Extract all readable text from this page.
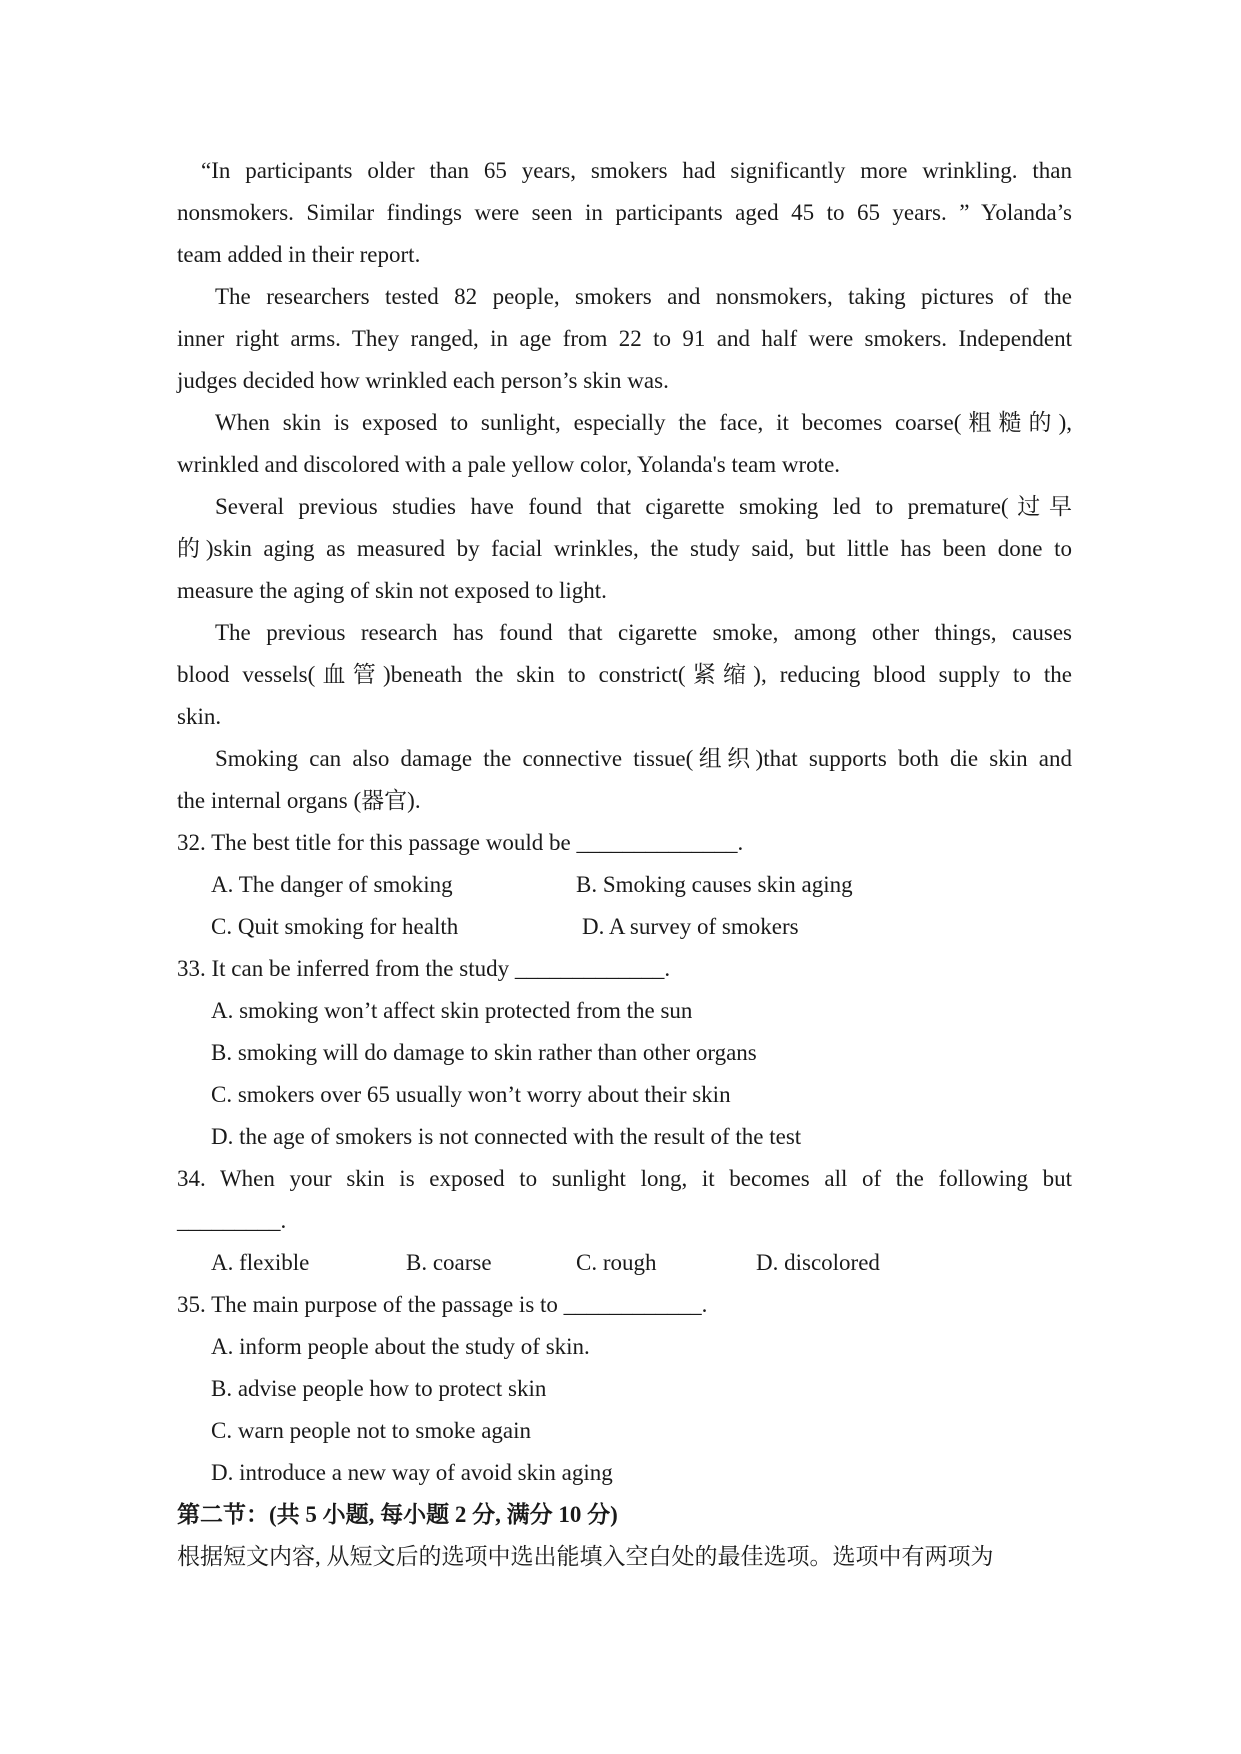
“In participants older than 65 years, smokers had significantly more wrinkling. than
nonsmokers. Similar findings were seen in participants aged 45 to 65 years. ” Yolanda’s
team added in their report.
The researchers tested 82 people, smokers and nonsmokers, taking pictures of the
inner right arms. They ranged, in age from 22 to 91 and half were smokers. Independent
judges decided how wrinkled each person’s skin was.
When skin is exposed to sunlight, especially the face, it becomes coarse(粗糙的),
wrinkled and discolored with a pale yellow color, Yolanda's team wrote.
Several previous studies have found that cigarette smoking led to premature(过早
的)skin aging as measured by facial wrinkles, the study said, but little has been done to
measure the aging of skin not exposed to light.
The previous research has found that cigarette smoke, among other things, causes
blood vessels(血管)beneath the skin to constrict(紧缩), reducing blood supply to the
skin.
Smoking can also damage the connective tissue(组织)that supports both die skin and
the internal organs (器官).
32. The best title for this passage would be ______________.
A. The danger of smoking	B. Smoking causes skin aging
C. Quit smoking for health	D. A survey of smokers
33. It can be inferred from the study _____________.
A. smoking won’t affect skin protected from the sun
B. smoking will do damage to skin rather than other organs
C. smokers over 65 usually won’t worry about their skin
D. the age of smokers is not connected with the result of the test
34. When your skin is exposed to sunlight long, it becomes all of the following but
_________.
A. flexible	B. coarse	C. rough	D. discolored
35. The main purpose of the passage is to ____________.
A. inform people about the study of skin.
B. advise people how to protect skin
C. warn people not to smoke again
D. introduce a new way of avoid skin aging
第二节：(共 5 小题, 每小题 2 分, 满分 10 分)
根据短文内容, 从短文后的选项中选出能填入空白处的最佳选项。选项中有两项为
